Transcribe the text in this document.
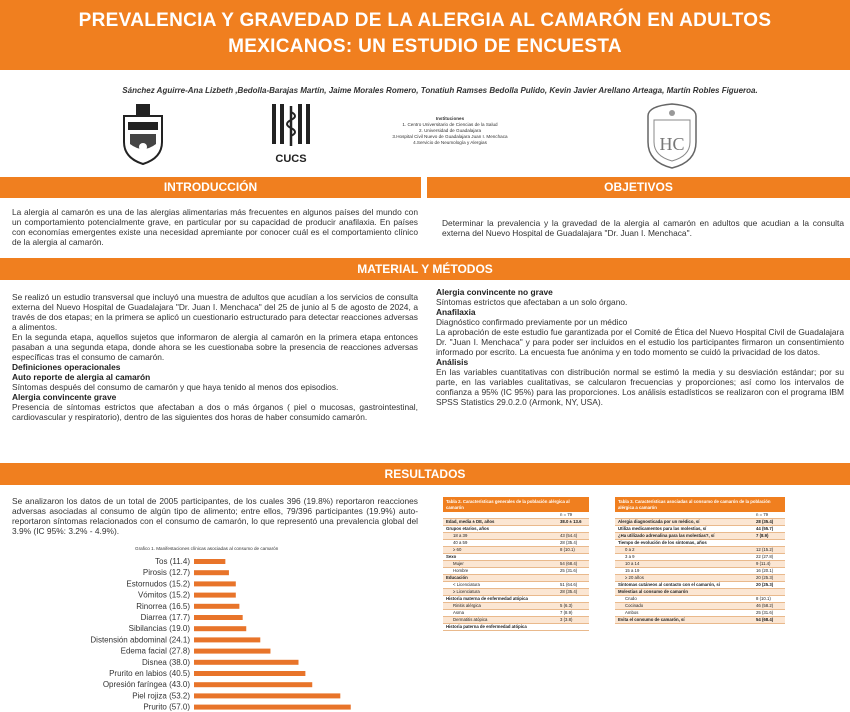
PREVALENCIA Y GRAVEDAD DE LA ALERGIA AL CAMARÓN EN ADULTOS
MEXICANOS: UN ESTUDIO DE ENCUESTA
Sánchez Aguirre-Ana Lizbeth ,Bedolla-Barajas Martín, Jaime Morales Romero, Tonatiuh Ramses Bedolla Pulido, Kevin Javier Arellano Arteaga, Martín Robles Figueroa.
CUCS
Instituciones
1. Centro Universitario de Ciencias de la Salud
2. Universidad de Guadalajara
3.Hospital Civil Nuevo de Guadalajara Juan I. Menchaca
4.Servicio de Neumología y Alergias	HC
INTRODUCCIÓN	OBJETIVOS
La alergia al camarón es una de las alergias alimentarias más frecuentes en algunos países del mundo con un comportamiento potencialmente grave, en particular por su capacidad de producir anafilaxia. En países con economías emergentes existe una necesidad apremiante por conocer cuál es el comportamiento clínico de la alergia al camarón.
Determinar la prevalencia y la gravedad de la alergia al camarón en adultos que acudian a la consulta externa del Nuevo Hospital de Guadalajara "Dr. Juan I. Menchaca".
MATERIAL Y MÉTODOS
Se realizó un estudio transversal que incluyó una muestra de adultos que acudían a los servicios de consulta externa del Nuevo Hospital de Guadalajara "Dr. Juan I. Menchaca" del 25 de junio al 5 de agosto de 2024, a través de dos etapas; en la primera se aplicó un cuestionario estructurado para detectar reacciones adversas a alimentos.
En la segunda etapa, aquellos sujetos que informaron de alergia al camarón en la primera etapa entonces pasaban a una segunda etapa, donde ahora se les cuestionaba sobre la presencia de reacciones adversas específicas tras el consumo de camarón.
Definiciones operacionales
Auto reporte de alergia al camarón
Síntomas después del consumo de camarón y que haya tenido al menos dos episodios.
Alergia convincente grave
Presencia de síntomas estrictos que afectaban a dos o más órganos ( piel o mucosas, gastrointestinal, cardiovascular y respiratorio), dentro de las siguientes dos horas de haber consumido camarón.
Alergia convincente no grave
Síntomas estrictos que afectaban a un solo órgano.
Anafilaxia
Diagnóstico confirmado previamente por un médico
La aprobación de este estudio fue garantizada por el Comité de Ética del Nuevo Hospital Civil de Guadalajara Dr. "Juan I. Menchaca" y para poder ser incluidos en el estudio los participantes firmaron un consentimiento informado por escrito. La encuesta fue anónima y en todo momento se cuidó la privacidad de los datos.
Análisis
En las variables cuantitativas con distribución normal se estimó la media y su desviación estándar; por su parte, en las variables cualitativas, se calcularon frecuencias y proporciones; así como los intervalos de confianza a 95% (IC 95%) para las proporciones. Los análisis estadísticos se realizaron con el programa IBM SPSS Statistics 29.0.2.0 (Armonk, NY, USA).
RESULTADOS
Se analizaron los datos de un total de 2005 participantes, de los cuales 396 (19.8%) reportaron reacciones adversas asociadas al consumo de algún tipo de alimento; entre ellos, 79/396 participantes (19.9%) auto-reportaron síntomas relacionados con el consumo de camarón, lo que representó una prevalencia global del 3.9% (IC 95%: 3.2% - 4.9%).
Grafico 1. Manifestaciones clínicas asociadas al consumo de camarón
Tos (11.4)
Pirosis (12.7)
Estornudos (15.2)
Vómitos (15.2)
Rinorrea (16.5)
Diarrea (17.7)
Sibilancias (19.0)
Distensión abdominal (24.1)
Edema facial (27.8)
Disnea (38.0)
Prurito en labios (40.5)
Opresión faríngea (43.0)
Piel rojiza (53.2)
Prurito (57.0)
Tabla 2. Características generales de la población alérgica al camarón
n = 79
Edad, media ± DE, años	38.0 ± 13.6
Grupos etarios, años
18 a 39	43 (54.4)
40 a 59	28 (35.4)
≥ 60	8 (10.1)
Sexo
Mujer	54 (68.4)
Hombre	25 (31.6)
Educación
< Licenciatura	51 (64.6)
≥ Licenciatura	28 (35.4)
Historia materna de enfermedad atópica
Rinitis alérgica	5 (6.3)
Asma	7 (8.9)
Dermatitis atópica	3 (3.8)
Historia paterna de enfermedad atópica
Tabla 3. Características asociadas al consumo de camarón de la población alérgica a camarón
n = 79
Alergia diagnosticada por un médico, sí	28 (35.4)
Utiliza medicamentos para las molestias, sí	44 (55.7)
¿Ha utilizado adrenalina para las molestias?, sí	7 (8.9)
Tiempo de evolución de los síntomas, años
0 a 2	12 (15.2)
3 a 9	22 (27.8)
10 a 14	9 (11.4)
15 a 19	16 (20.1)
≥ 20 años	20 (25.3)
Síntomas cutáneos al contacto con el camarón, sí	20 (25.3)
Molestias al consumo de camarón
Crudo	8 (10.1)
Cocinado	46 (58.2)
Ambos	25 (31.6)
Evita el consumo de camarón, sí	54 (68.4)
